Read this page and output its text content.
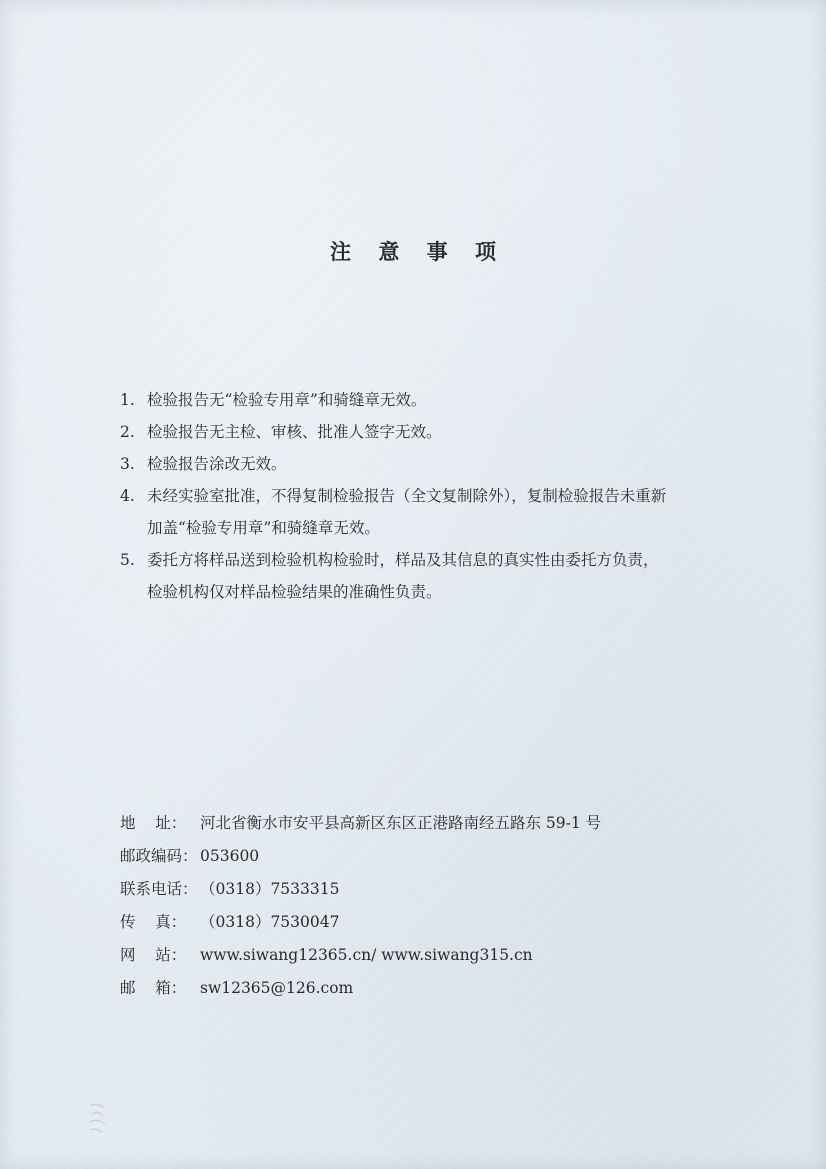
注 意 事 项
1. 检验报告无“检验专用章”和骑缝章无效。
2. 检验报告无主检、审核、批准人签字无效。
3. 检验报告涂改无效。
4. 未经实验室批准，不得复制检验报告（全文复制除外），复制检验报告未重新
加盖“检验专用章”和骑缝章无效。
5. 委托方将样品送到检验机构检验时，样品及其信息的真实性由委托方负责，
检验机构仅对样品检验结果的准确性负责。
地    址： 河北省衡水市安平县高新区东区正港路南经五路东 59-1 号
邮政编码： 053600
联系电话： （0318）7533315
传    真： （0318）7530047
网    站： www.siwang12365.cn/ www.siwang315.cn
邮    箱： sw12365@126.com
